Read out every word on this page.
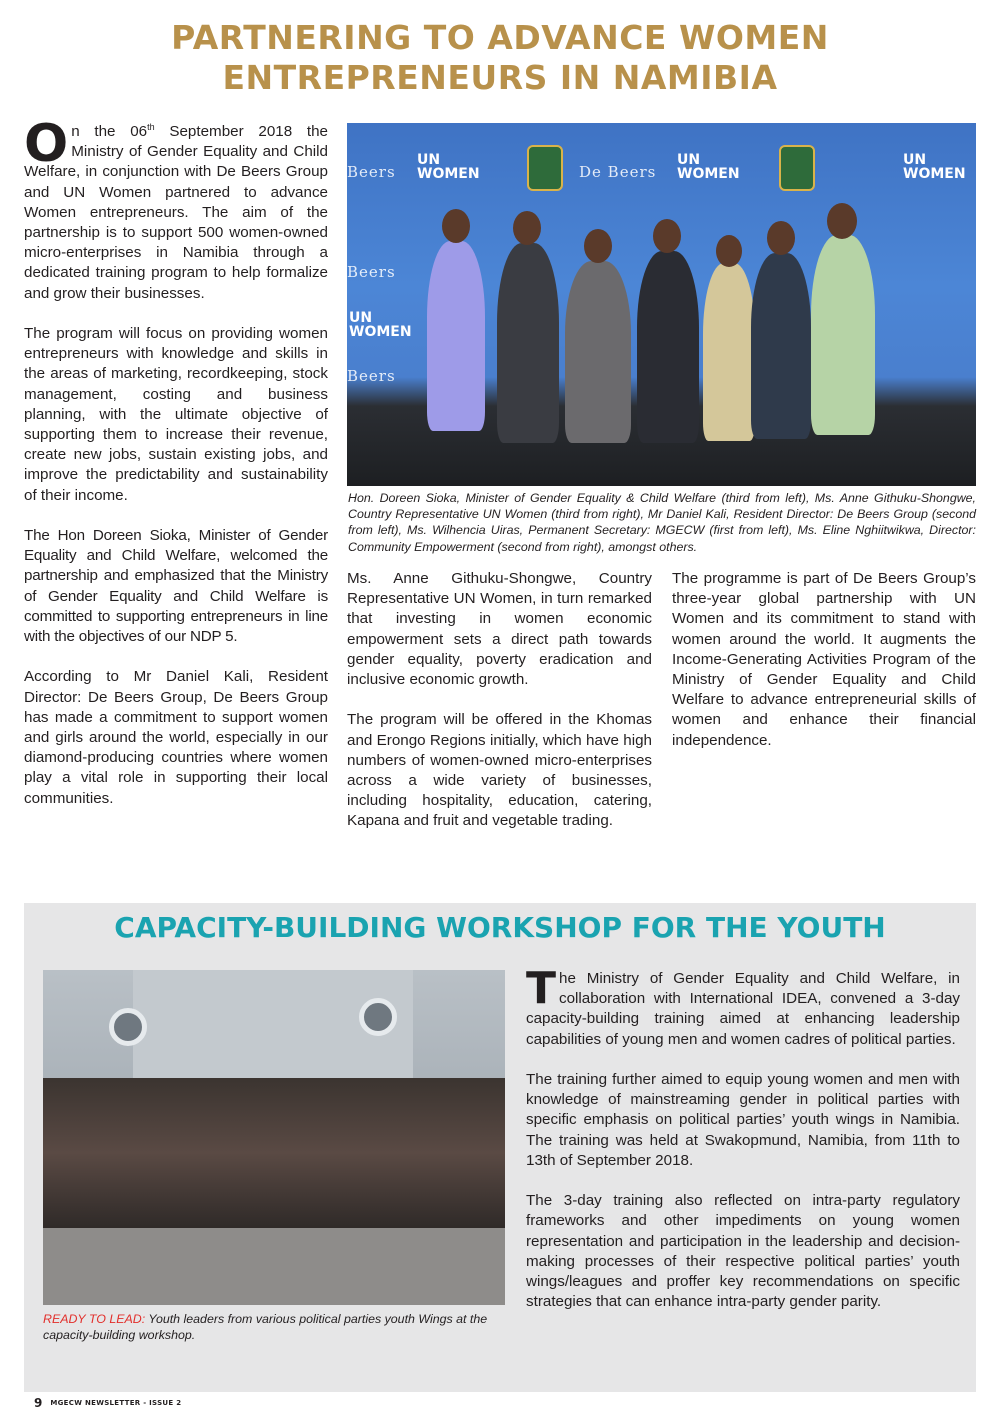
PARTNERING TO ADVANCE WOMEN
ENTREPRENEURS IN NAMIBIA

On the 06th September 2018 the Ministry of Gender Equality and Child Welfare, in conjunction with De Beers Group and UN Women partnered to advance Women entrepreneurs. The aim of the partnership is to support 500 women-owned micro-enterprises in Namibia through a dedicated training program to help formalize and grow their businesses.

The program will focus on providing women entrepreneurs with knowledge and skills in the areas of marketing, recordkeeping, stock management, costing and business planning, with the ultimate objective of supporting them to increase their revenue, create new jobs, sustain existing jobs, and improve the predictability and sustainability of their income.

The Hon Doreen Sioka, Minister of Gender Equality and Child Welfare, welcomed the partnership and emphasized that the Ministry of Gender Equality and Child Welfare is committed to supporting entrepreneurs in line with the objectives of our NDP 5.

According to Mr Daniel Kali, Resident Director: De Beers Group, De Beers Group has made a commitment to support women and girls around the world, especially in our diamond-producing countries where women play a vital role in supporting their local communities.

UN
WOMEN	De Beers
UN
WOMEN
Beers
UN
WOMEN
Beers
Beers
UN
WOMEN
Hon. Doreen Sioka, Minister of Gender Equality & Child Welfare (third from left), Ms. Anne Githuku-Shongwe, Country Representative UN Women (third from right), Mr Daniel Kali, Resident Director: De Beers Group (second from left), Ms. Wilhencia Uiras, Permanent Secretary: MGECW (first from left), Ms. Eline Nghiitwikwa, Director: Community Empowerment (second from right), amongst others.

Ms. Anne Githuku-Shongwe, Country Representative UN Women, in turn remarked that investing in women economic empowerment sets a direct path towards gender equality, poverty eradication and inclusive economic growth.

The program will be offered in the Khomas and Erongo Regions initially, which have high numbers of women-owned micro-enterprises across a wide variety of businesses, including hospitality, education, catering, Kapana and fruit and vegetable trading.

The programme is part of De Beers Group’s three-year global partnership with UN Women and its commitment to stand with women around the world. It augments the Income-Generating Activities Program of the Ministry of Gender Equality and Child Welfare to advance entrepreneurial skills of women and enhance their financial independence.

CAPACITY-BUILDING WORKSHOP FOR THE YOUTH
READY TO LEAD: Youth leaders from various political parties youth Wings at the capacity-building workshop.

The Ministry of Gender Equality and Child Welfare, in collaboration with International IDEA, convened a 3-day capacity-building training aimed at enhancing leadership capabilities of young men and women cadres of political parties.

The training further aimed to equip young women and men with knowledge of mainstreaming gender in political parties with specific emphasis on political parties’ youth wings in Namibia. The training was held at Swakopmund, Namibia, from 11th to 13th of September 2018.

The 3-day training also reflected on intra-party regulatory frameworks and other impediments on young women representation and participation in the leadership and decision-making processes of their respective political parties’ youth wings/leagues and proffer key recommendations on specific strategies that can enhance intra-party gender parity.

9 $^{MGECW NEWSLETTER - ISSUE 2}$
